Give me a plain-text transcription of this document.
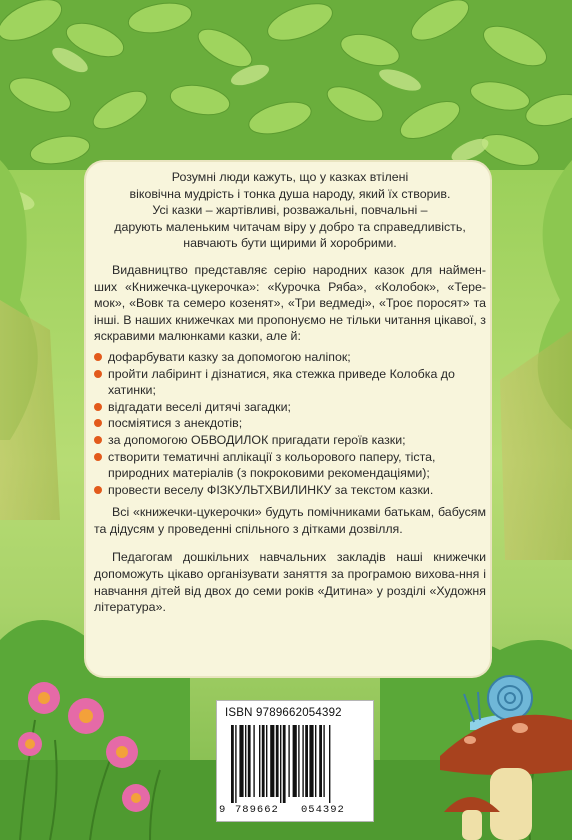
Розумні люди кажуть, що у казках втілені
віковічна мудрість і тонка душа народу, який їх створив.
Усі казки – жартівливі, розважальні, повчальні –
дарують маленьким читачам віру у добро та справедливість,
навчають бути щирими й хоробрими.

Видавництво представляє серію народних казок для наймен-ших «Книжечка-цукерочка»: «Курочка Ряба», «Колобок», «Тере-мок», «Вовк та семеро козенят», «Три ведмеді», «Троє поросят» та інші. В наших книжечках ми пропонуємо не тільки читання цікавої, з яскравими малюнками казки, але й:

дофарбувати казку за допомогою наліпок;
пройти лабіринт і дізнатися, яка стежка приведе Колобка до хатинки;
відгадати веселі дитячі загадки;
посміятися з анекдотів;
за допомогою ОБВОДИЛОК пригадати героїв казки;
створити тематичні аплікації з кольорового паперу, тіста, природних матеріалів (з покроковими рекомендаціями);
провести веселу ФІЗКУЛЬТХВИЛИНКУ за текстом казки.

Всі «книжечки-цукерочки» будуть помічниками батькам, бабусям та дідусям у проведенні спільного з дітками дозвілля.

Педагогам дошкільних навчальних закладів наші книжечки допоможуть цікаво організувати заняття за програмою вихова-ння і навчання дітей від двох до семи років «Дитина» у розділі «Художня література».

ISBN 9789662054392
9 789662 054392
